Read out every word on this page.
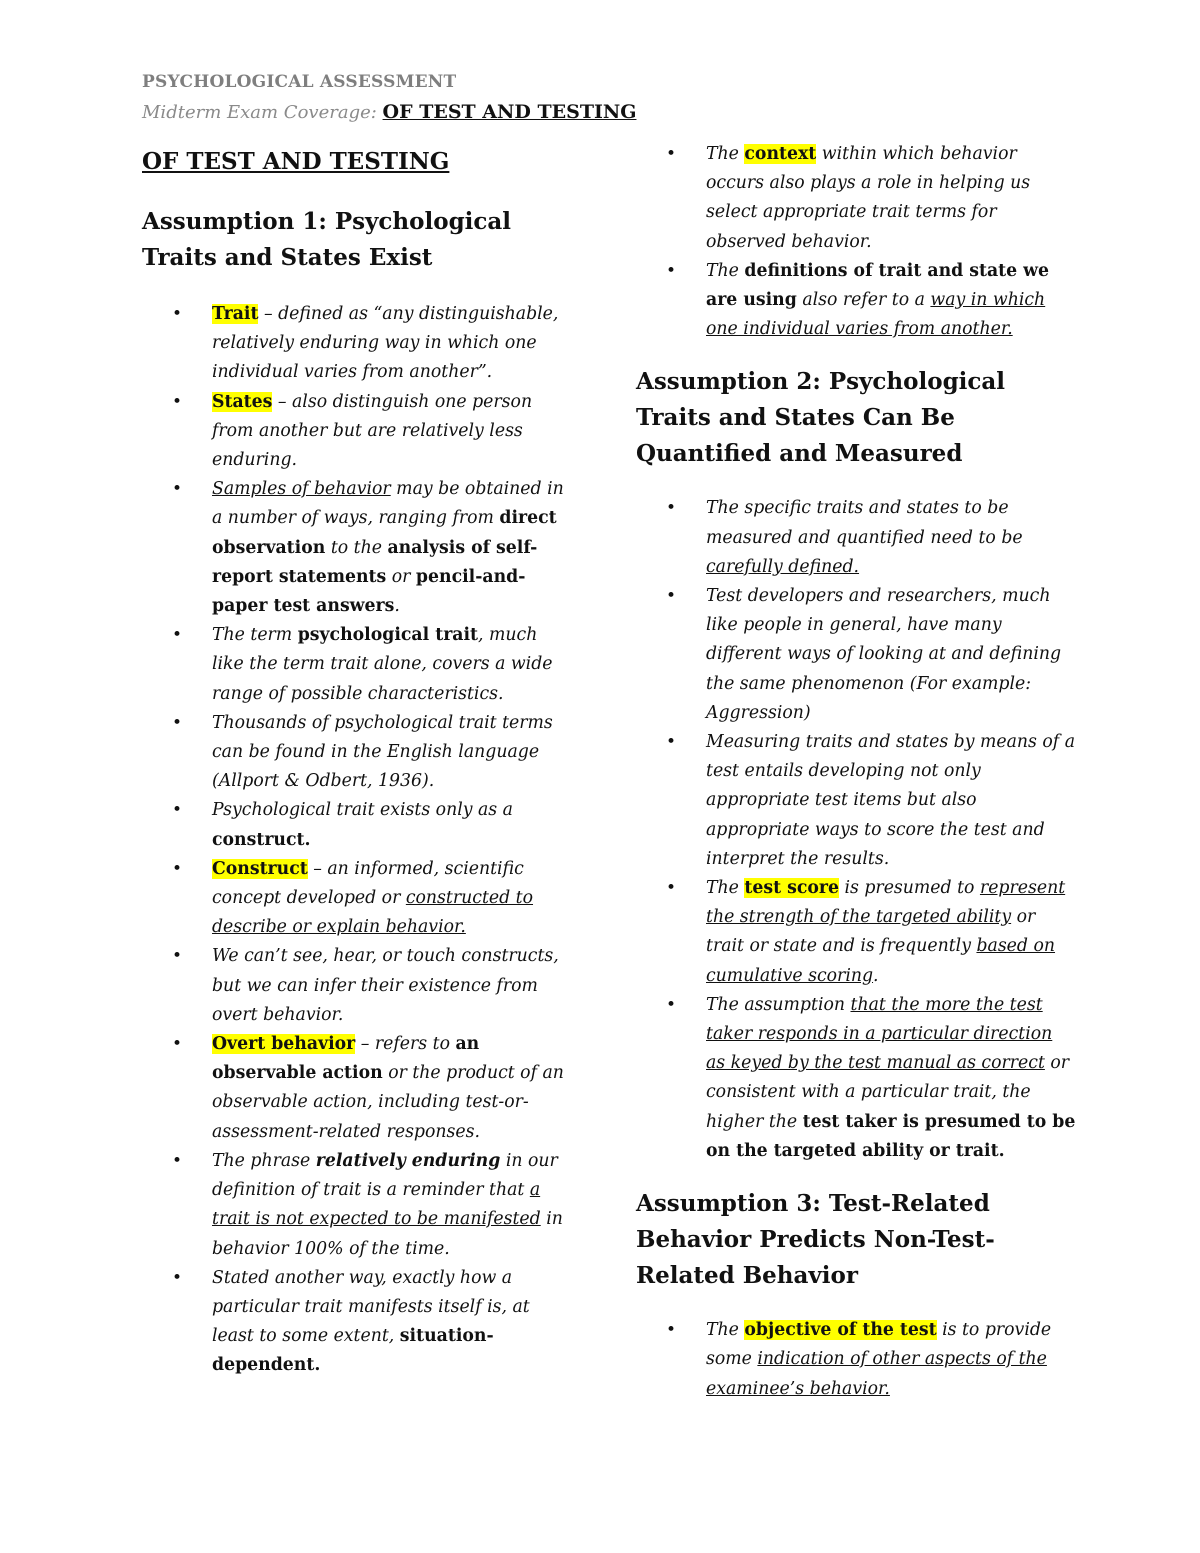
PSYCHOLOGICAL ASSESSMENT
Midterm Exam Coverage: OF TEST AND TESTING
OF TEST AND TESTING
Assumption 1: Psychological Traits and States Exist
• Trait – defined as “any distinguishable, relatively enduring way in which one individual varies from another”.
• States – also distinguish one person from another but are relatively less enduring.
• Samples of behavior may be obtained in a number of ways, ranging from direct observation to the analysis of self-report statements or pencil-and-paper test answers.
• The term psychological trait, much like the term trait alone, covers a wide range of possible characteristics.
• Thousands of psychological trait terms can be found in the English language (Allport & Odbert, 1936).
• Psychological trait exists only as a construct.
• Construct – an informed, scientific concept developed or constructed to describe or explain behavior.
• We can’t see, hear, or touch constructs, but we can infer their existence from overt behavior.
• Overt behavior – refers to an observable action or the product of an observable action, including test-or-assessment-related responses.
• The phrase relatively enduring in our definition of trait is a reminder that a trait is not expected to be manifested in behavior 100% of the time.
• Stated another way, exactly how a particular trait manifests itself is, at least to some extent, situation-dependent.
• The context within which behavior occurs also plays a role in helping us select appropriate trait terms for observed behavior.
• The definitions of trait and state we are using also refer to a way in which one individual varies from another.
Assumption 2: Psychological Traits and States Can Be Quantified and Measured
• The specific traits and states to be measured and quantified need to be carefully defined.
• Test developers and researchers, much like people in general, have many different ways of looking at and defining the same phenomenon (For example: Aggression)
• Measuring traits and states by means of a test entails developing not only appropriate test items but also appropriate ways to score the test and interpret the results.
• The test score is presumed to represent the strength of the targeted ability or trait or state and is frequently based on cumulative scoring.
• The assumption that the more the test taker responds in a particular direction as keyed by the test manual as correct or consistent with a particular trait, the higher the test taker is presumed to be on the targeted ability or trait.
Assumption 3: Test-Related Behavior Predicts Non-Test-Related Behavior
• The objective of the test is to provide some indication of other aspects of the examinee’s behavior.
